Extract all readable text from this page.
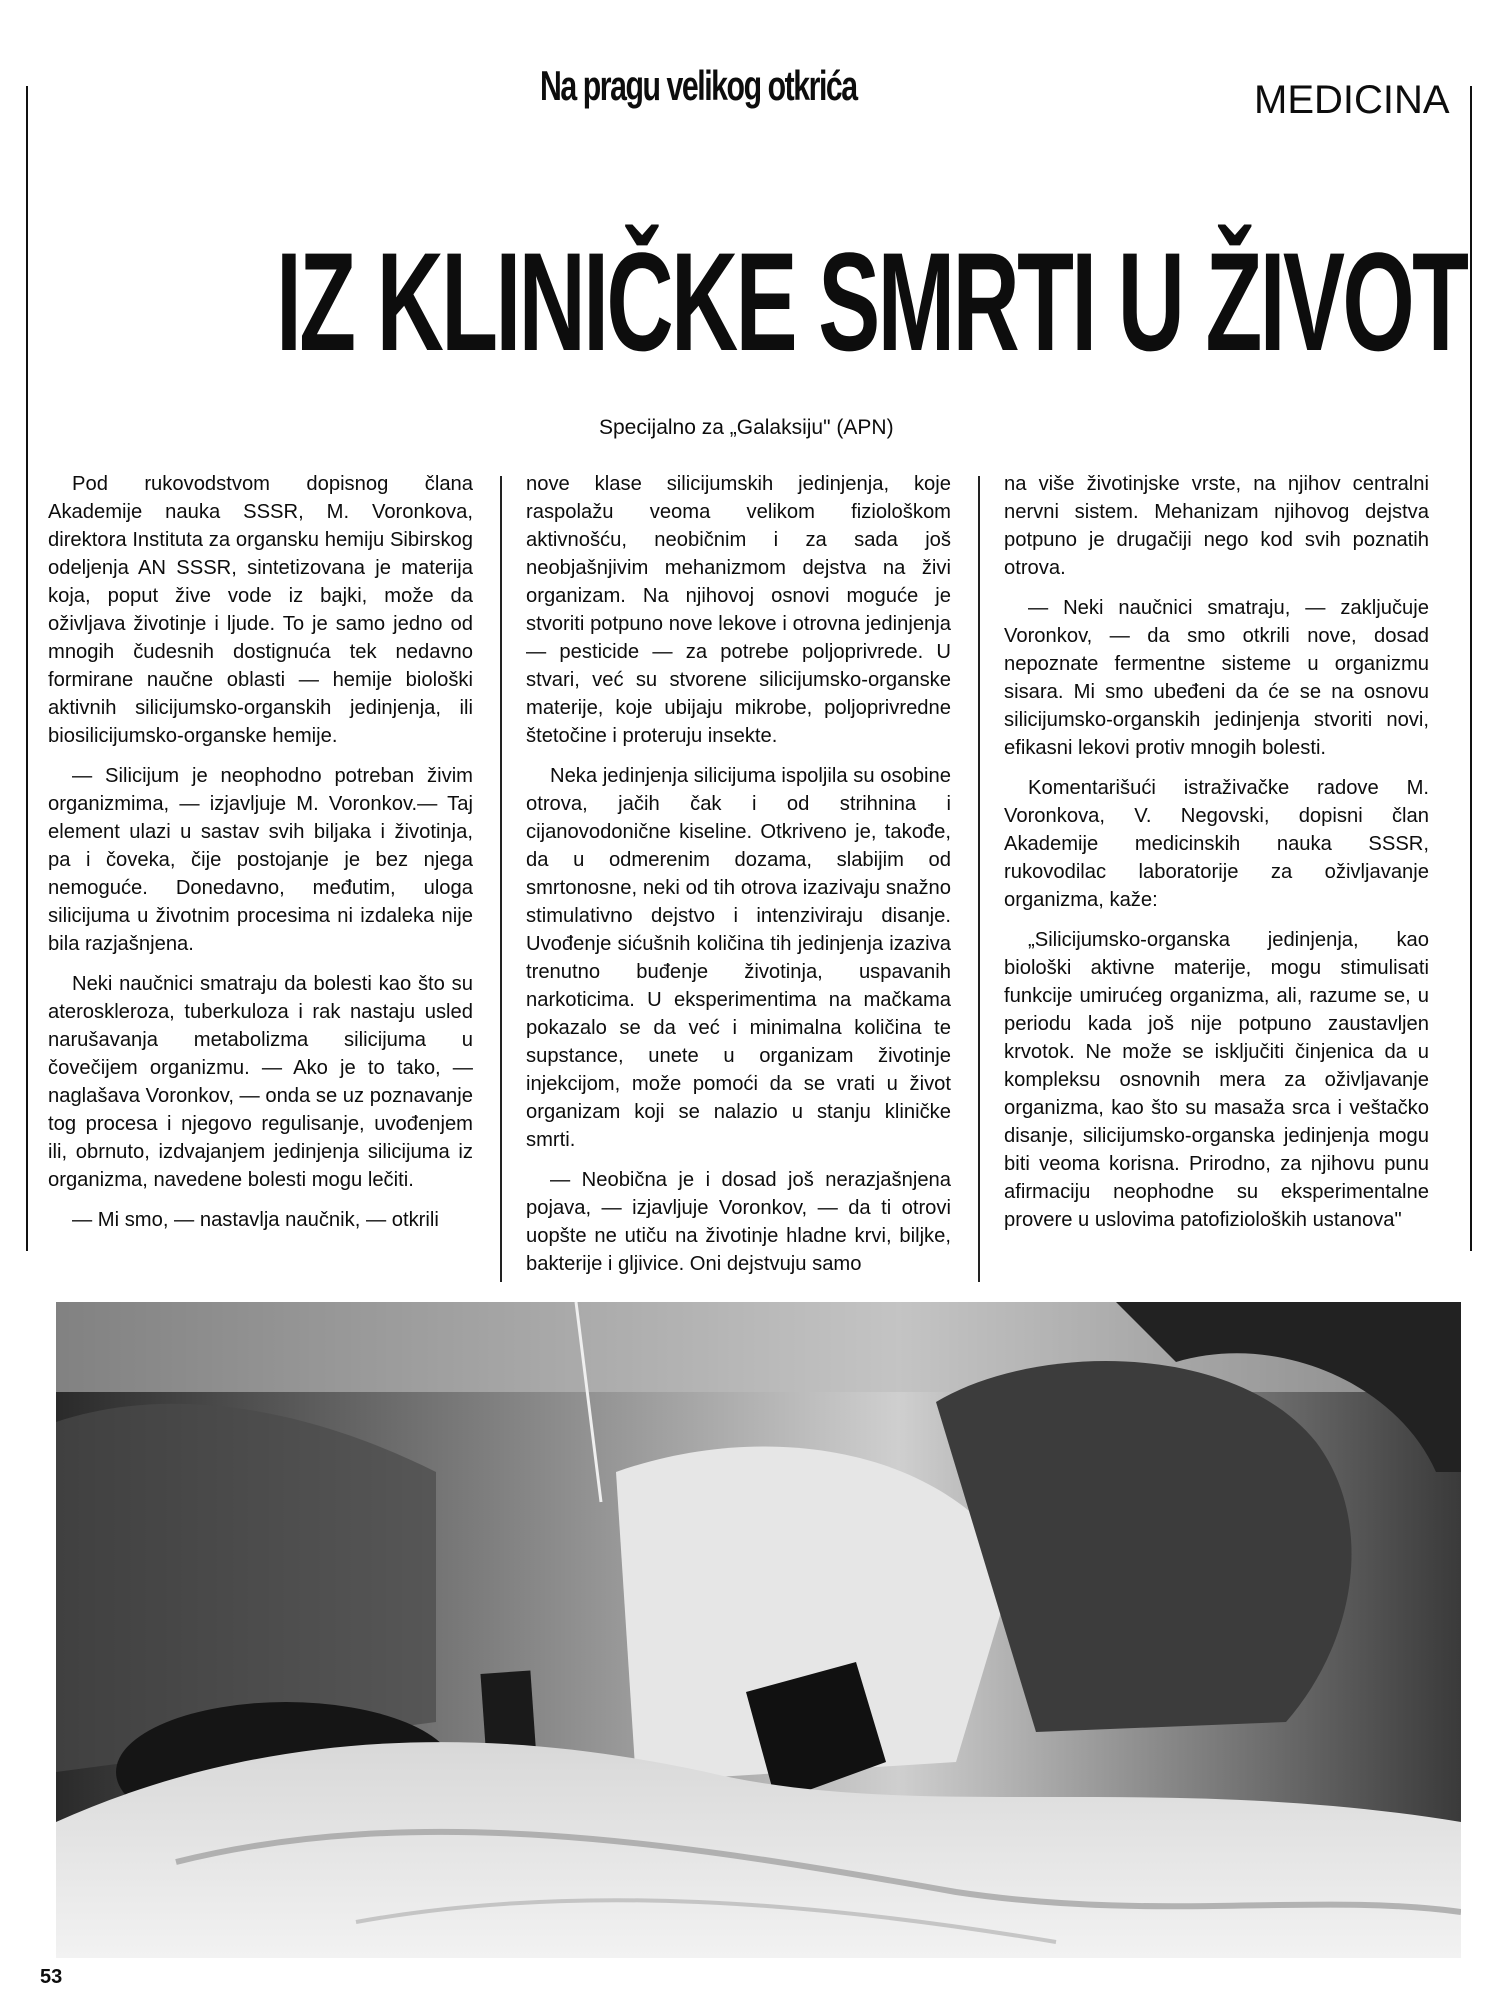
Na pragu velikog otkrića	MEDICINA
IZ KLINIČKE SMRTI U ŽIVOT
Specijalno za „Galaksiju" (APN)

Pod rukovodstvom dopisnog člana Akademije nauka SSSR, M. Voronkova, direktora Instituta za organsku hemiju Sibirskog odeljenja AN SSSR, sintetizovana je materija koja, poput žive vode iz bajki, može da oživljava životinje i ljude. To je samo jedno od mnogih čudesnih dostignuća tek nedavno formirane naučne oblasti — hemije biološki aktivnih silicijumsko-organskih jedinjenja, ili biosilicijumsko-organske hemije.

— Silicijum je neophodno potreban živim organizmima, — izjavljuje M. Voronkov.— Taj element ulazi u sastav svih biljaka i životinja, pa i čoveka, čije postojanje je bez njega nemoguće. Donedavno, međutim, uloga silicijuma u životnim procesima ni izdaleka nije bila razjašnjena.

Neki naučnici smatraju da bolesti kao što su ateroskleroza, tuberkuloza i rak nastaju usled narušavanja metabolizma silicijuma u čovečijem organizmu. — Ako je to tako, — naglašava Voronkov, — onda se uz poznavanje tog procesa i njegovo regulisanje, uvođenjem ili, obrnuto, izdvajanjem jedinjenja silicijuma iz organizma, navedene bolesti mogu lečiti.

— Mi smo, — nastavlja naučnik, — otkrili

nove klase silicijumskih jedinjenja, koje raspolažu veoma velikom fiziološkom aktivnošću, neobičnim i za sada još neobjašnjivim mehanizmom dejstva na živi organizam. Na njihovoj osnovi moguće je stvoriti potpuno nove lekove i otrovna jedinjenja — pesticide — za potrebe poljoprivrede. U stvari, već su stvorene silicijumsko-organske materije, koje ubijaju mikrobe, poljoprivredne štetočine i proteruju insekte.

Neka jedinjenja silicijuma ispoljila su osobine otrova, jačih čak i od strihnina i cijanovodonične kiseline. Otkriveno je, takođe, da u odmerenim dozama, slabijim od smrtonosne, neki od tih otrova izazivaju snažno stimulativno dejstvo i intenziviraju disanje. Uvođenje sićušnih količina tih jedinjenja izaziva trenutno buđenje životinja, uspavanih narkoticima. U eksperimentima na mačkama pokazalo se da već i minimalna količina te supstance, unete u organizam životinje injekcijom, može pomoći da se vrati u život organizam koji se nalazio u stanju kliničke smrti.

— Neobična je i dosad još nerazjašnjena pojava, — izjavljuje Voronkov, — da ti otrovi uopšte ne utiču na životinje hladne krvi, biljke, bakterije i gljivice. Oni dejstvuju samo

na više životinjske vrste, na njihov centralni nervni sistem. Mehanizam njihovog dejstva potpuno je drugačiji nego kod svih poznatih otrova.

— Neki naučnici smatraju, — zaključuje Voronkov, — da smo otkrili nove, dosad nepoznate fermentne sisteme u organizmu sisara. Mi smo ubeđeni da će se na osnovu silicijumsko-organskih jedinjenja stvoriti novi, efikasni lekovi protiv mnogih bolesti.

Komentarišući istraživačke radove M. Voronkova, V. Negovski, dopisni član Akademije medicinskih nauka SSSR, rukovodilac laboratorije za oživljavanje organizma, kaže:

„Silicijumsko-organska jedinjenja, kao biološki aktivne materije, mogu stimulisati funkcije umirućeg organizma, ali, razume se, u periodu kada još nije potpuno zaustavljen krvotok. Ne može se isključiti činjenica da u kompleksu osnovnih mera za oživljavanje organizma, kao što su masaža srca i veštačko disanje, silicijumsko-organska jedinjenja mogu biti veoma korisna. Prirodno, za njihovu punu afirmaciju neophodne su eksperimentalne provere u uslovima patofizioloških ustanova"

53
